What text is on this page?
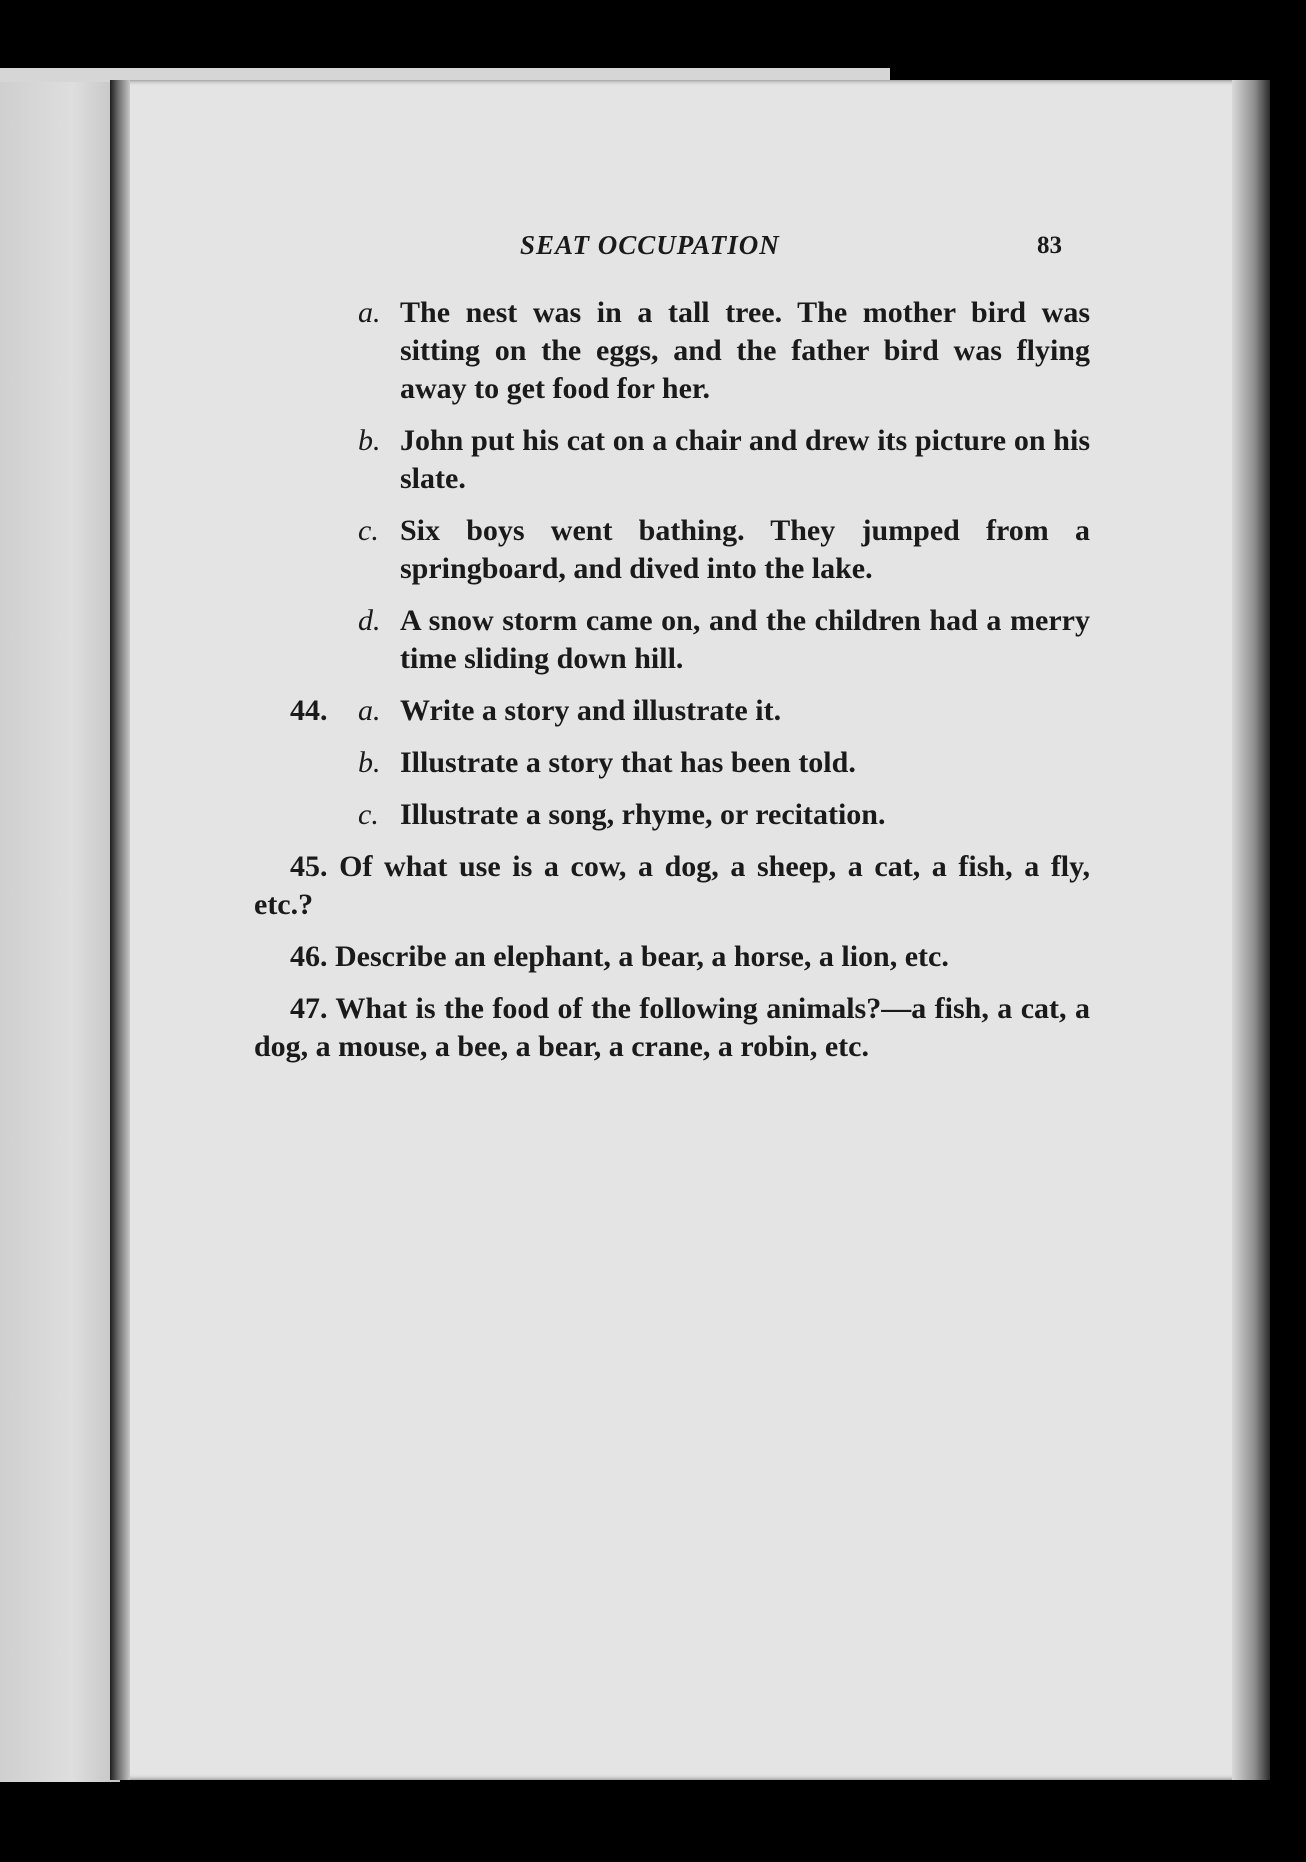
SEAT OCCUPATION	83
a. The nest was in a tall tree. The mother bird was sitting on the eggs, and the father bird was flying away to get food for her.
b. John put his cat on a chair and drew its picture on his slate.
c. Six boys went bathing. They jumped from a springboard, and dived into the lake.
d. A snow storm came on, and the children had a merry time sliding down hill.
44. a. Write a story and illustrate it.
b. Illustrate a story that has been told.
c. Illustrate a song, rhyme, or recitation.
45. Of what use is a cow, a dog, a sheep, a cat, a fish, a fly, etc.?
46. Describe an elephant, a bear, a horse, a lion, etc.
47. What is the food of the following animals?—a fish, a cat, a dog, a mouse, a bee, a bear, a crane, a robin, etc.
